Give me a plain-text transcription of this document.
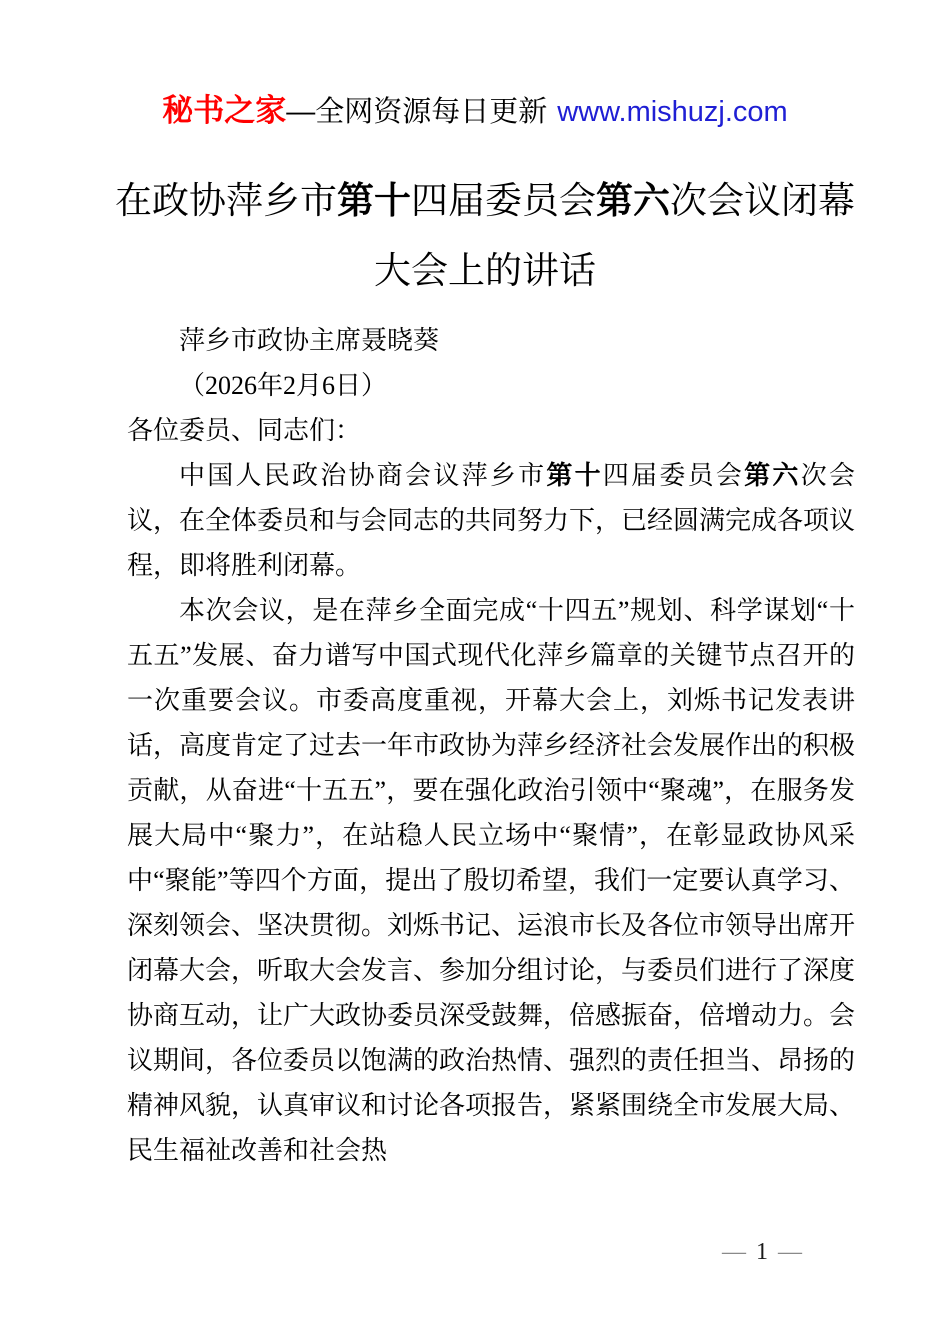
秘书之家—全网资源每日更新 www.mishuzj.com
在政协萍乡市第十四届委员会第六次会议闭幕大会上的讲话

萍乡市政协主席聂晓葵

（2026年2月6日）

各位委员、同志们：

中国人民政治协商会议萍乡市第十四届委员会第六次会议，在全体委员和与会同志的共同努力下，已经圆满完成各项议程，即将胜利闭幕。

本次会议，是在萍乡全面完成“十四五”规划、科学谋划“十五五”发展、奋力谱写中国式现代化萍乡篇章的关键节点召开的一次重要会议。市委高度重视，开幕大会上，刘烁书记发表讲话，高度肯定了过去一年市政协为萍乡经济社会发展作出的积极贡献，从奋进“十五五”，要在强化政治引领中“聚魂”，在服务发展大局中“聚力”，在站稳人民立场中“聚情”，在彰显政协风采中“聚能”等四个方面，提出了殷切希望，我们一定要认真学习、深刻领会、坚决贯彻。刘烁书记、运浪市长及各位市领导出席开闭幕大会，听取大会发言、参加分组讨论，与委员们进行了深度协商互动，让广大政协委员深受鼓舞，倍感振奋，倍增动力。会议期间，各位委员以饱满的政治热情、强烈的责任担当、昂扬的精神风貌，认真审议和讨论各项报告，紧紧围绕全市发展大局、民生福祉改善和社会热

— 1 —
